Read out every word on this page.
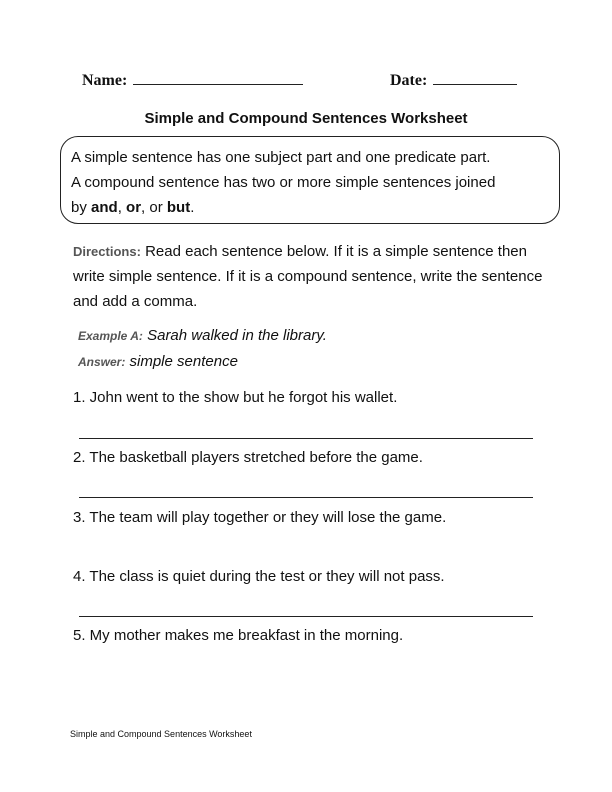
Name:	Date:
Simple and Compound Sentences Worksheet
A simple sentence has one subject part and one predicate part.
A compound sentence has two or more simple sentences joined
by and, or, or but.
Directions: Read each sentence below. If it is a simple sentence then write simple sentence. If it is a compound sentence, write the sentence and add a comma.
Example A: Sarah walked in the library.
Answer: simple sentence
1. John went to the show but he forgot his wallet.
2. The basketball players stretched before the game.
3. The team will play together or they will lose the game.
4. The class is quiet during the test or they will not pass.
5. My mother makes me breakfast in the morning.
Simple and Compound Sentences Worksheet
